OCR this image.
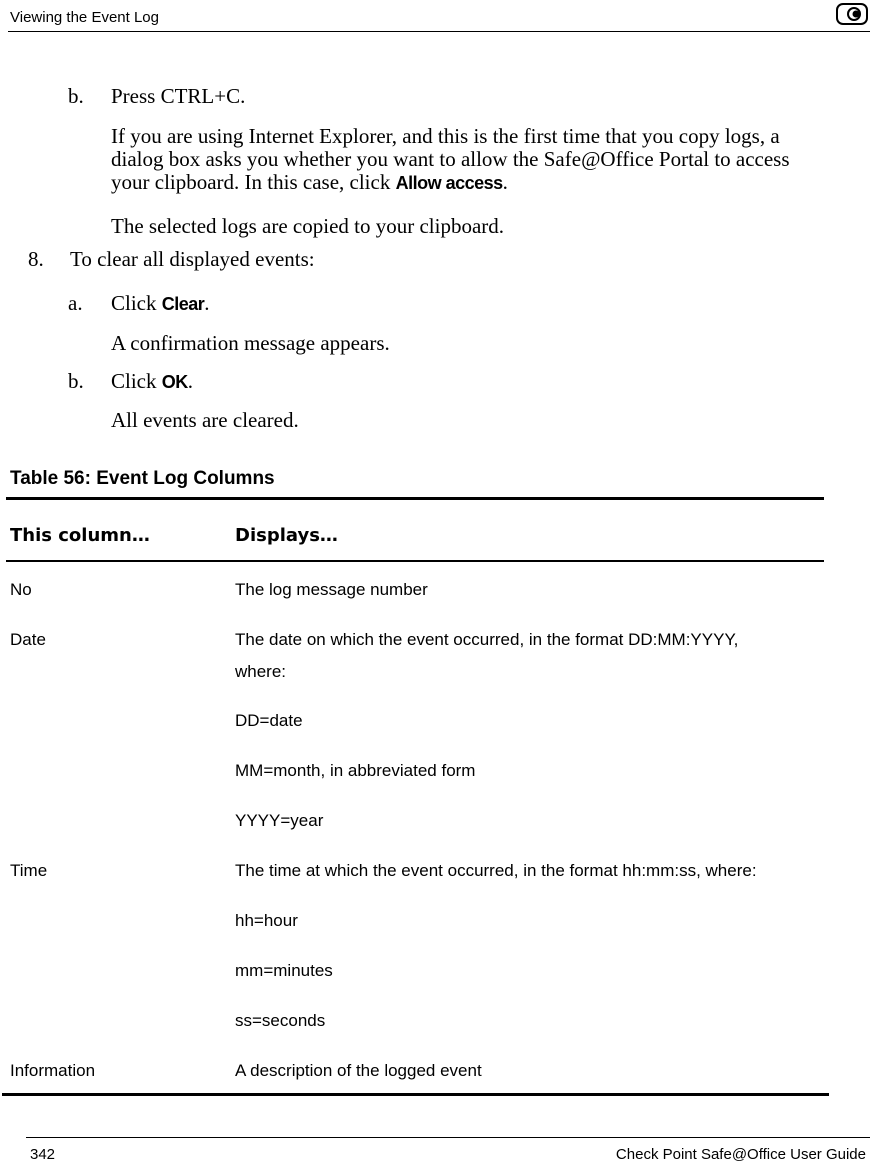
Viewing the Event Log
b. Press CTRL+C.
If you are using Internet Explorer, and this is the first time that you copy logs, a
dialog box asks you whether you want to allow the Safe@Office Portal to access
your clipboard. In this case, click Allow access.
The selected logs are copied to your clipboard.
8. To clear all displayed events:
a. Click Clear.
A confirmation message appears.
b. Click OK.
All events are cleared.
Table 56: Event Log Columns
This column…	Displays…
No	The log message number
Date	The date on which the event occurred, in the format DD:MM:YYYY,
where:
DD=date
MM=month, in abbreviated form
YYYY=year
Time	The time at which the event occurred, in the format hh:mm:ss, where:
hh=hour
mm=minutes
ss=seconds
Information	A description of the logged event
342	Check Point Safe@Office User Guide
